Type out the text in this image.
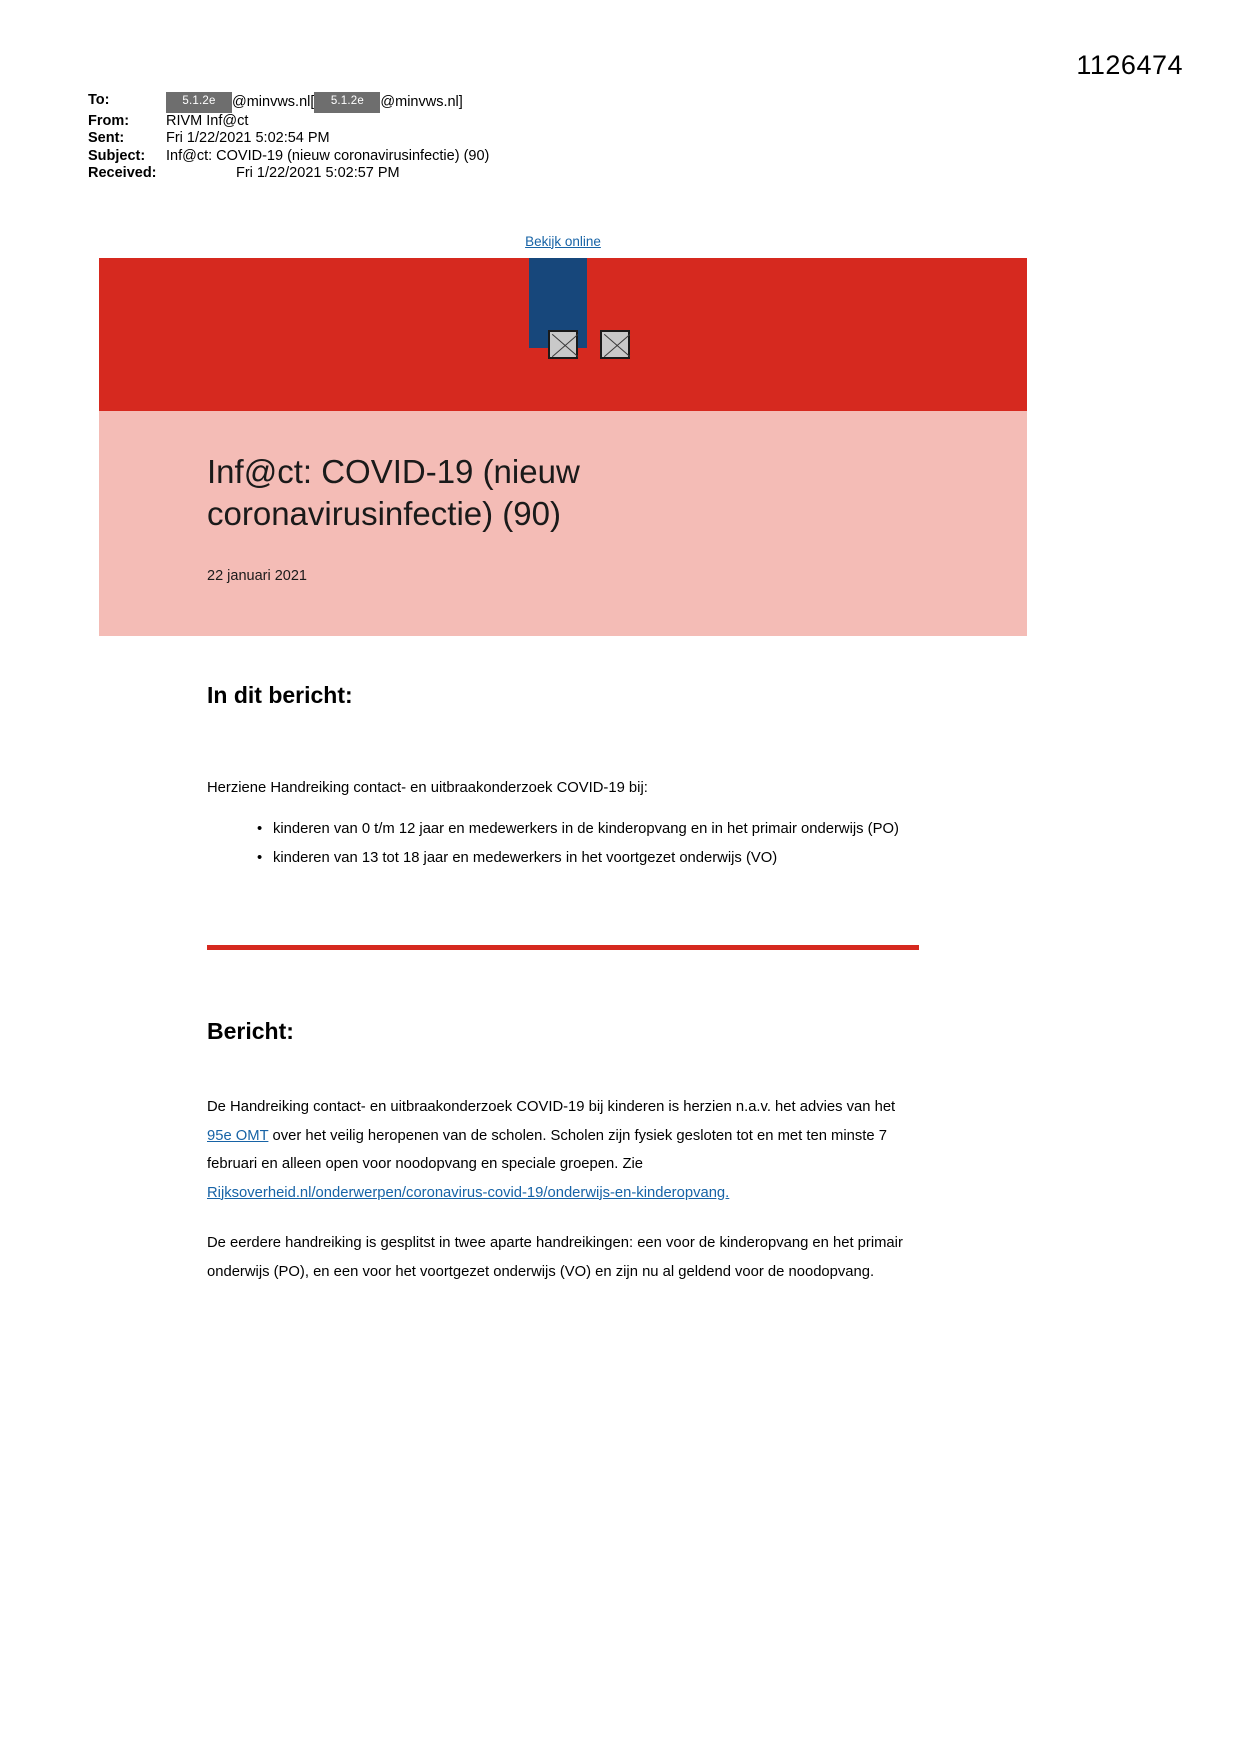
1126474
To:	5.1.2e	@minvws.nl[	5.1.2e	@minvws.nl]
From:	RIVM Inf@ct
Sent:	Fri 1/22/2021 5:02:54 PM
Subject:	Inf@ct: COVID-19 (nieuw coronavirusinfectie) (90)
Received:	Fri 1/22/2021 5:02:57 PM
Bekijk online
Inf@ct: COVID-19 (nieuw coronavirusinfectie) (90)
22 januari 2021
In dit bericht:

Herziene Handreiking contact- en uitbraakonderzoek COVID-19 bij:

• kinderen van 0 t/m 12 jaar en medewerkers in de kinderopvang en in het primair onderwijs (PO)
• kinderen van 13 tot 18 jaar en medewerkers in het voortgezet onderwijs (VO)
Bericht:

De Handreiking contact- en uitbraakonderzoek COVID-19 bij kinderen is herzien n.a.v. het advies van het 95e OMT over het veilig heropenen van de scholen. Scholen zijn fysiek gesloten tot en met ten minste 7 februari en alleen open voor noodopvang en speciale groepen. Zie Rijksoverheid.nl/onderwerpen/coronavirus-covid-19/onderwijs-en-kinderopvang.

De eerdere handreiking is gesplitst in twee aparte handreikingen: een voor de kinderopvang en het primair onderwijs (PO), en een voor het voortgezet onderwijs (VO) en zijn nu al geldend voor de noodopvang.
